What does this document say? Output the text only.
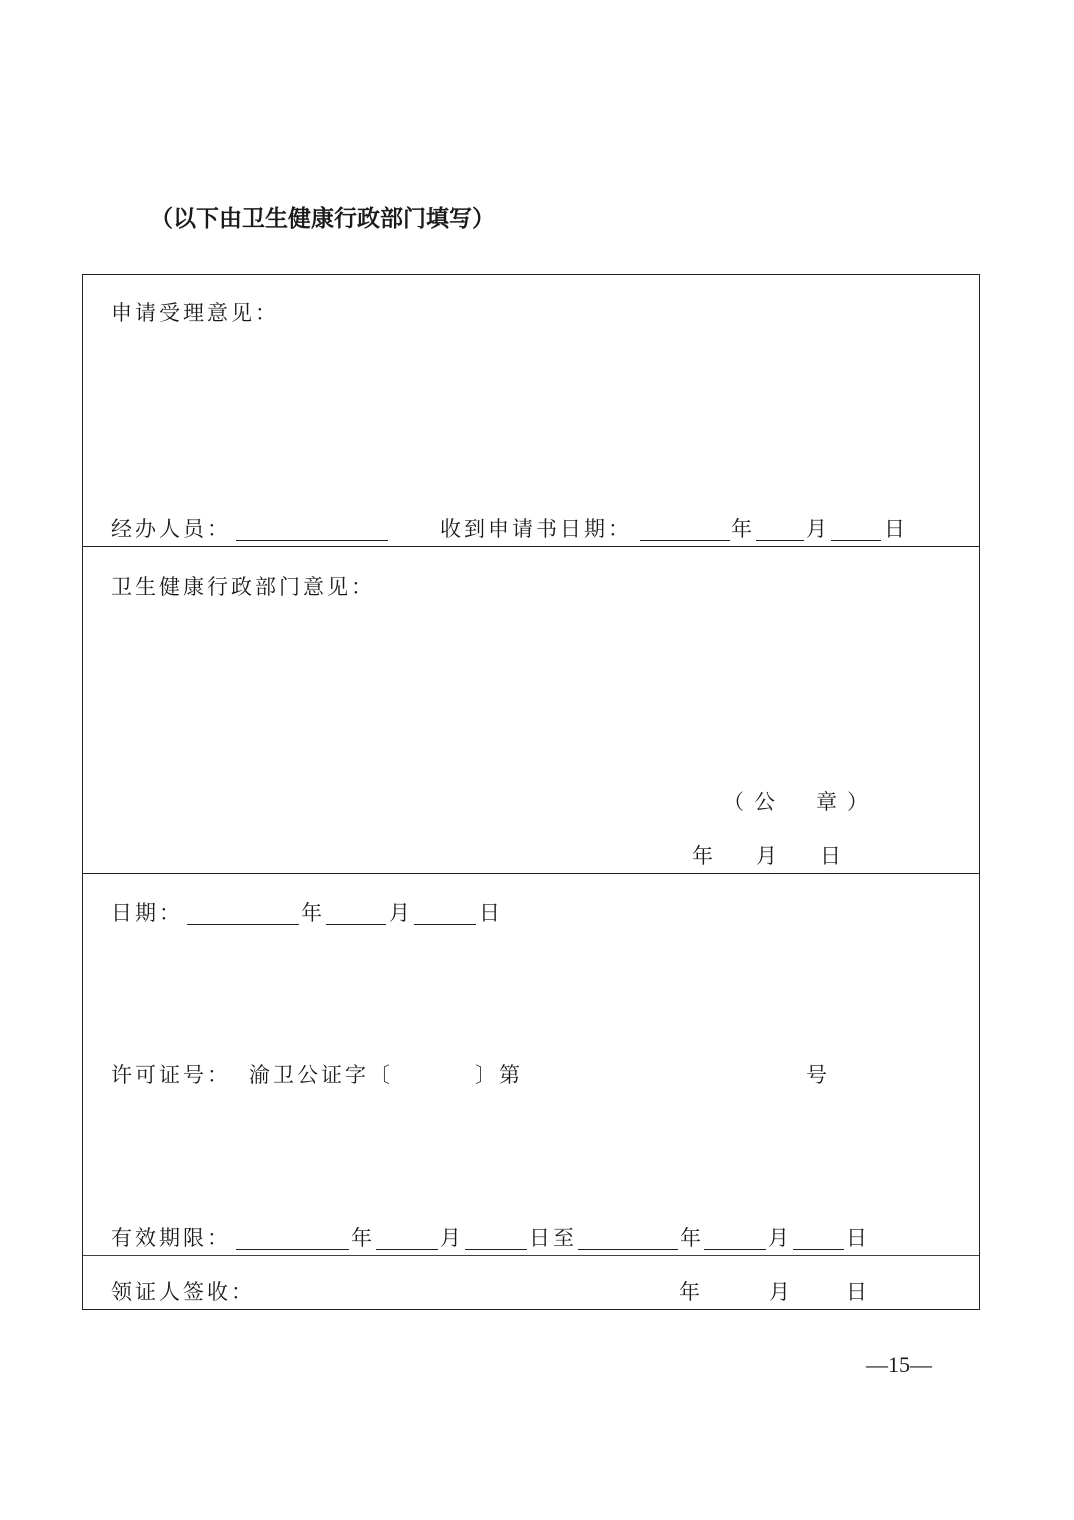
（以下由卫生健康行政部门填写）
申请受理意见：
经办人员：	收到申请书日期：	年 月	日
卫生健康行政部门意见：
（公　章）
年 月 日
日期：	年	月	日
许可证号： 渝卫公证字〔	〕第	号
有效期限：	年	月	日至	年	月	日
领证人签收：	年	月	日
—15—
